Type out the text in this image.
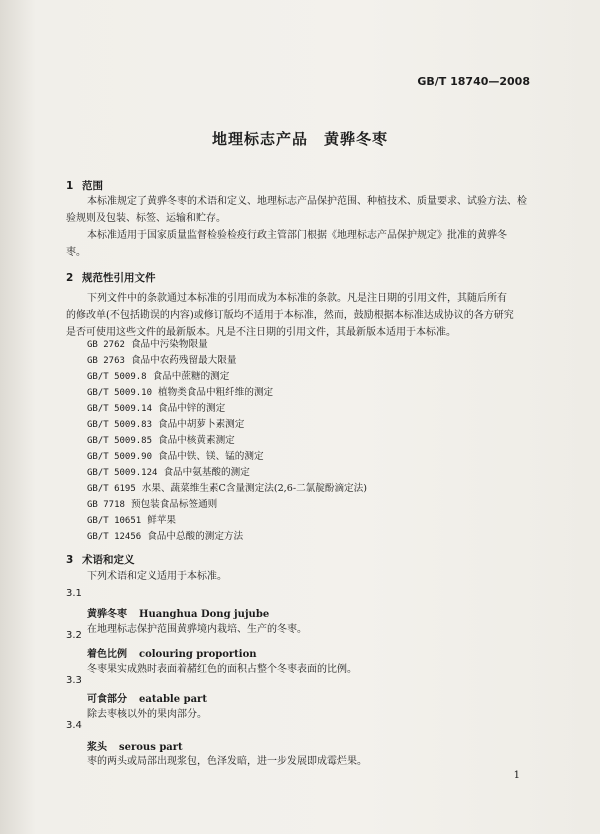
GB/T 18740—2008
地理标志产品　黄骅冬枣
1 范围
本标准规定了黄骅冬枣的术语和定义、地理标志产品保护范围、种植技术、质量要求、试验方法、检
验规则及包装、标签、运输和贮存。
本标准适用于国家质量监督检验检疫行政主管部门根据《地理标志产品保护规定》批准的黄骅冬
枣。
2 规范性引用文件
下列文件中的条款通过本标准的引用而成为本标准的条款。凡是注日期的引用文件，其随后所有
的修改单(不包括勘误的内容)或修订版均不适用于本标准，然而，鼓励根据本标准达成协议的各方研究
是否可使用这些文件的最新版本。凡是不注日期的引用文件，其最新版本适用于本标准。
GB 2762 食品中污染物限量
GB 2763 食品中农药残留最大限量
GB/T 5009.8 食品中蔗糖的测定
GB/T 5009.10 植物类食品中粗纤维的测定
GB/T 5009.14 食品中锌的测定
GB/T 5009.83 食品中胡萝卜素测定
GB/T 5009.85 食品中核黄素测定
GB/T 5009.90 食品中铁、镁、锰的测定
GB/T 5009.124 食品中氨基酸的测定
GB/T 6195 水果、蔬菜维生素C含量测定法(2,6-二氯靛酚滴定法)
GB 7718 预包装食品标签通则
GB/T 10651 鲜苹果
GB/T 12456 食品中总酸的测定方法
3 术语和定义
下列术语和定义适用于本标准。
3.1
黄骅冬枣 Huanghua Dong jujube
在地理标志保护范围黄骅境内栽培、生产的冬枣。
3.2
着色比例 colouring proportion
冬枣果实成熟时表面着赭红色的面积占整个冬枣表面的比例。
3.3
可食部分 eatable part
除去枣核以外的果肉部分。
3.4
浆头 serous part
枣的两头或局部出现浆包，色泽发暗，进一步发展即成霉烂果。
1
